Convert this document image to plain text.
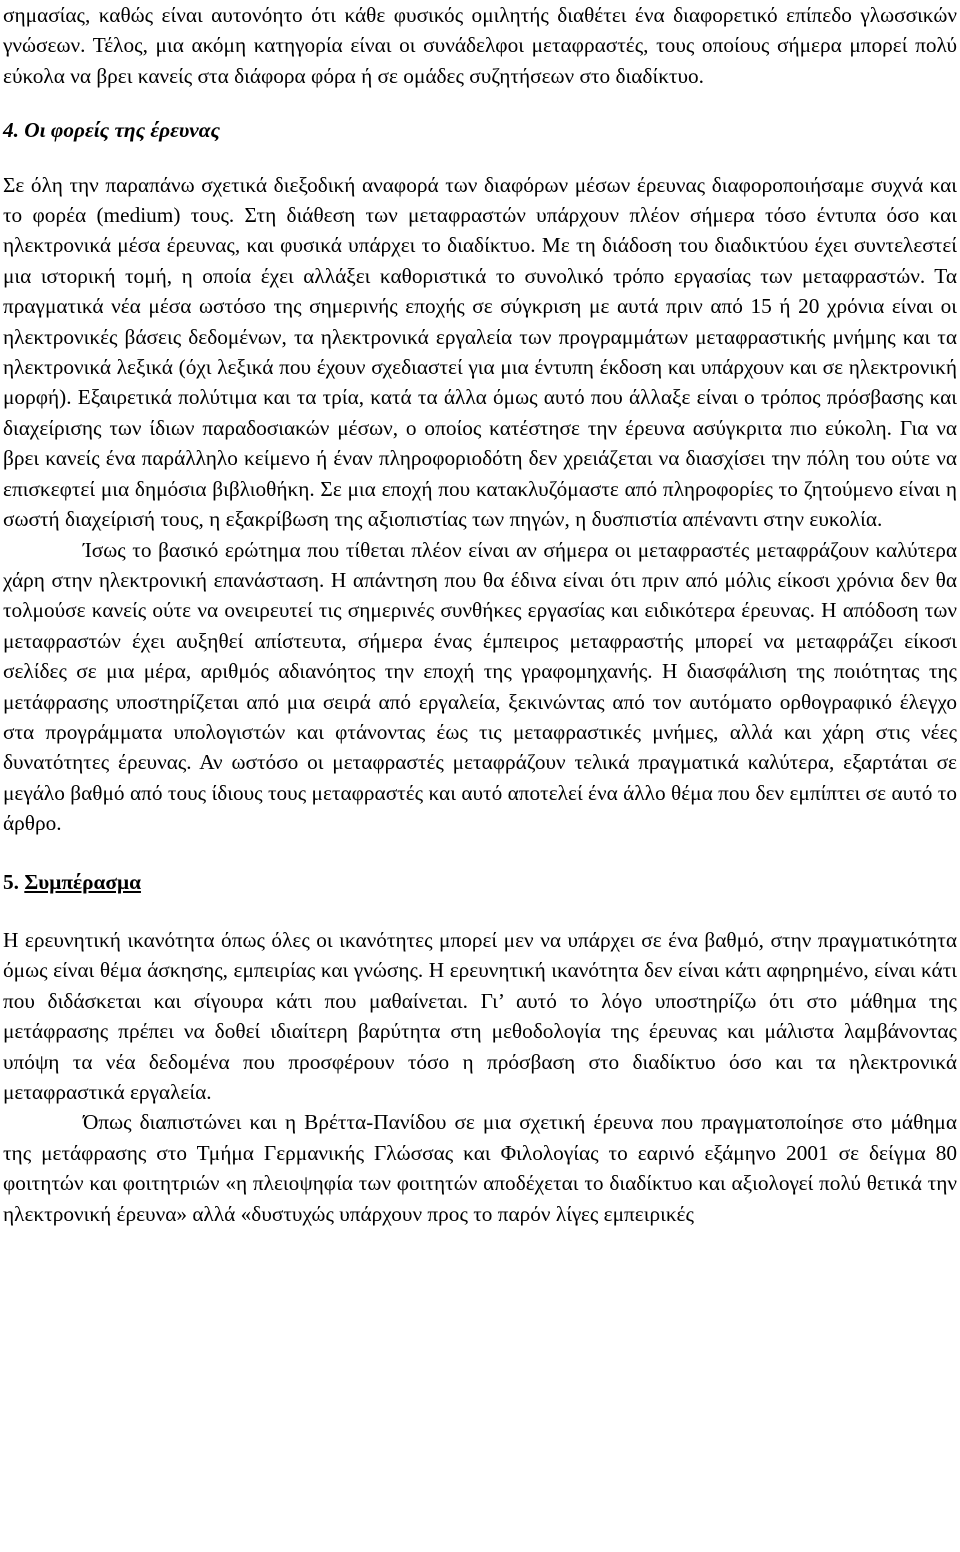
σημασίας, καθώς είναι αυτονόητο ότι κάθε φυσικός ομιλητής διαθέτει ένα διαφορετικό επίπεδο γλωσσικών γνώσεων. Τέλος, μια ακόμη κατηγορία είναι οι συνάδελφοι μεταφραστές, τους οποίους σήμερα μπορεί πολύ εύκολα να βρει κανείς στα διάφορα φόρα ή σε ομάδες συζητήσεων στο διαδίκτυο.

4. Οι φορείς της έρευνας

Σε όλη την παραπάνω σχετικά διεξοδική αναφορά των διαφόρων μέσων έρευνας διαφοροποιήσαμε συχνά και το φορέα (medium) τους. Στη διάθεση των μεταφραστών υπάρχουν πλέον σήμερα τόσο έντυπα όσο και ηλεκτρονικά μέσα έρευνας, και φυσικά υπάρχει το διαδίκτυο. Με τη διάδοση του διαδικτύου έχει συντελεστεί μια ιστορική τομή, η οποία έχει αλλάξει καθοριστικά το συνολικό τρόπο εργασίας των μεταφραστών. Τα πραγματικά νέα μέσα ωστόσο της σημερινής εποχής σε σύγκριση με αυτά πριν από 15 ή 20 χρόνια είναι οι ηλεκτρονικές βάσεις δεδομένων, τα ηλεκτρονικά εργαλεία των προγραμμάτων μεταφραστικής μνήμης και τα ηλεκτρονικά λεξικά (όχι λεξικά που έχουν σχεδιαστεί για μια έντυπη έκδοση και υπάρχουν και σε ηλεκτρονική μορφή). Εξαιρετικά πολύτιμα και τα τρία, κατά τα άλλα όμως αυτό που άλλαξε είναι ο τρόπος πρόσβασης και διαχείρισης των ίδιων παραδοσιακών μέσων, ο οποίος κατέστησε την έρευνα ασύγκριτα πιο εύκολη. Για να βρει κανείς ένα παράλληλο κείμενο ή έναν πληροφοριοδότη δεν χρειάζεται να διασχίσει την πόλη του ούτε να επισκεφτεί μια δημόσια βιβλιοθήκη. Σε μια εποχή που κατακλυζόμαστε από πληροφορίες το ζητούμενο είναι η σωστή διαχείρισή τους, η εξακρίβωση της αξιοπιστίας των πηγών, η δυσπιστία απέναντι στην ευκολία.

Ίσως το βασικό ερώτημα που τίθεται πλέον είναι αν σήμερα οι μεταφραστές μεταφράζουν καλύτερα χάρη στην ηλεκτρονική επανάσταση. Η απάντηση που θα έδινα είναι ότι πριν από μόλις είκοσι χρόνια δεν θα τολμούσε κανείς ούτε να ονειρευτεί τις σημερινές συνθήκες εργασίας και ειδικότερα έρευνας. Η απόδοση των μεταφραστών έχει αυξηθεί απίστευτα, σήμερα ένας έμπειρος μεταφραστής μπορεί να μεταφράζει είκοσι σελίδες σε μια μέρα, αριθμός αδιανόητος την εποχή της γραφομηχανής. Η διασφάλιση της ποιότητας της μετάφρασης υποστηρίζεται από μια σειρά από εργαλεία, ξεκινώντας από τον αυτόματο ορθογραφικό έλεγχο στα προγράμματα υπολογιστών και φτάνοντας έως τις μεταφραστικές μνήμες, αλλά και χάρη στις νέες δυνατότητες έρευνας. Αν ωστόσο οι μεταφραστές μεταφράζουν τελικά πραγματικά καλύτερα, εξαρτάται σε μεγάλο βαθμό από τους ίδιους τους μεταφραστές και αυτό αποτελεί ένα άλλο θέμα που δεν εμπίπτει σε αυτό το άρθρο.

5. Συμπέρασμα

Η ερευνητική ικανότητα όπως όλες οι ικανότητες μπορεί μεν να υπάρχει σε ένα βαθμό, στην πραγματικότητα όμως είναι θέμα άσκησης, εμπειρίας και γνώσης. Η ερευνητική ικανότητα δεν είναι κάτι αφηρημένο, είναι κάτι που διδάσκεται και σίγουρα κάτι που μαθαίνεται. Γι’ αυτό το λόγο υποστηρίζω ότι στο μάθημα της μετάφρασης πρέπει να δοθεί ιδιαίτερη βαρύτητα στη μεθοδολογία της έρευνας και μάλιστα λαμβάνοντας υπόψη τα νέα δεδομένα που προσφέρουν τόσο η πρόσβαση στο διαδίκτυο όσο και τα ηλεκτρονικά μεταφραστικά εργαλεία.

Όπως διαπιστώνει και η Βρέττα-Πανίδου σε μια σχετική έρευνα που πραγματοποίησε στο μάθημα της μετάφρασης στο Τμήμα Γερμανικής Γλώσσας και Φιλολογίας το εαρινό εξάμηνο 2001 σε δείγμα 80 φοιτητών και φοιτητριών «η πλειοψηφία των φοιτητών αποδέχεται το διαδίκτυο και αξιολογεί πολύ θετικά την ηλεκτρονική έρευνα» αλλά «δυστυχώς υπάρχουν προς το παρόν λίγες εμπειρικές
